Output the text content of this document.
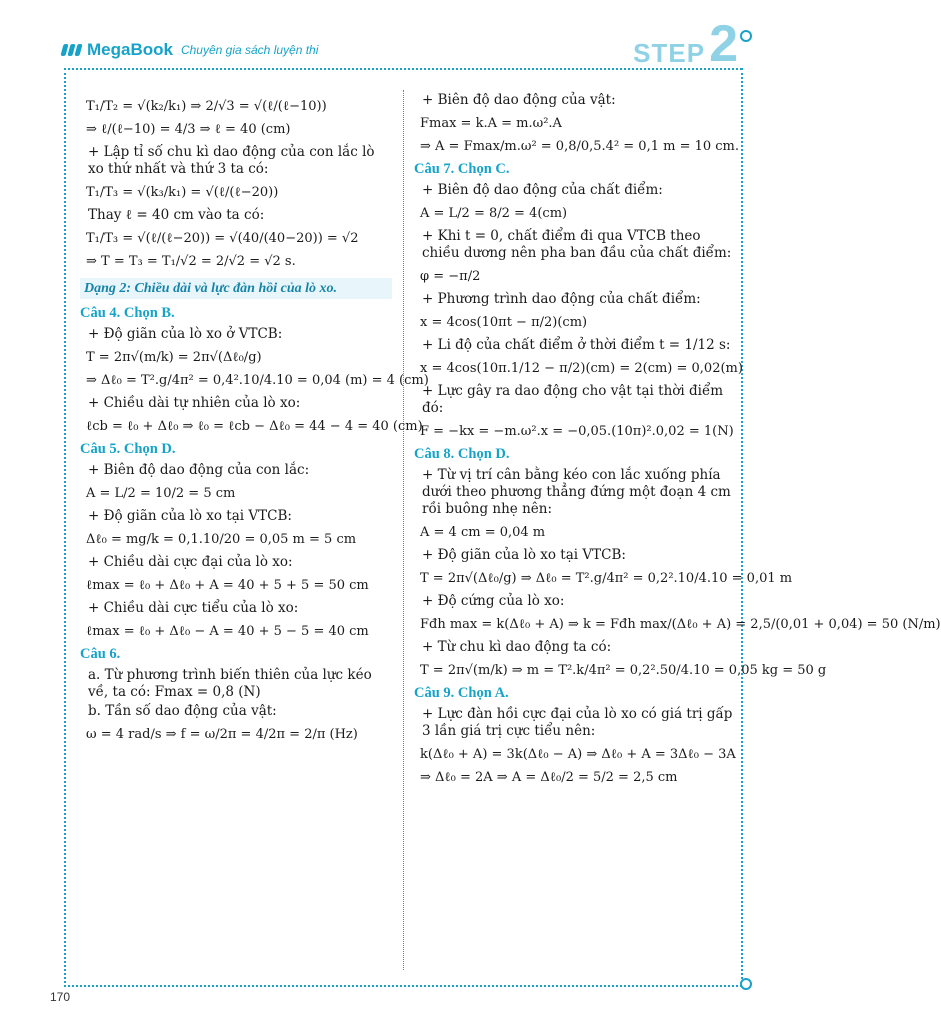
MegaBook Chuyên gia sách luyện thi	STEP 2
T₁/T₂ = √(k₂/k₁) ⇒ 2/√3 = √(ℓ/(ℓ−10))
⇒ ℓ/(ℓ−10) = 4/3 ⇒ ℓ = 40 (cm)
+ Lập tỉ số chu kì dao động của con lắc lò xo thứ nhất và thứ 3 ta có:
T₁/T₃ = √(k₃/k₁) = √(ℓ/(ℓ−20))
Thay ℓ = 40 cm vào ta có:
T₁/T₃ = √(ℓ/(ℓ−20)) = √(40/(40−20)) = √2
⇒ T = T₃ = T₁/√2 = 2/√2 = √2 s.
Dạng 2: Chiều dài và lực đàn hồi của lò xo.
Câu 4. Chọn B.
+ Độ giãn của lò xo ở VTCB:
T = 2π√(m/k) = 2π√(Δℓ₀/g)
⇒ Δℓ₀ = T².g/4π² = 0,4².10/4.10 = 0,04 (m) = 4 (cm)
+ Chiều dài tự nhiên của lò xo:
ℓcb = ℓ₀ + Δℓ₀ ⇒ ℓ₀ = ℓcb − Δℓ₀ = 44 − 4 = 40 (cm)
Câu 5. Chọn D.
+ Biên độ dao động của con lắc:
A = L/2 = 10/2 = 5 cm
+ Độ giãn của lò xo tại VTCB:
Δℓ₀ = mg/k = 0,1.10/20 = 0,05 m = 5 cm
+ Chiều dài cực đại của lò xo:
ℓmax = ℓ₀ + Δℓ₀ + A = 40 + 5 + 5 = 50 cm
+ Chiều dài cực tiểu của lò xo:
ℓmax = ℓ₀ + Δℓ₀ − A = 40 + 5 − 5 = 40 cm
Câu 6.
a. Từ phương trình biến thiên của lực kéo về, ta có: Fmax = 0,8 (N)
b. Tần số dao động của vật:
ω = 4 rad/s ⇒ f = ω/2π = 4/2π = 2/π (Hz)
+ Biên độ dao động của vật:
Fmax = k.A = m.ω².A
⇒ A = Fmax/m.ω² = 0,8/0,5.4² = 0,1 m = 10 cm.
Câu 7. Chọn C.
+ Biên độ dao động của chất điểm:
A = L/2 = 8/2 = 4(cm)
+ Khi t = 0, chất điểm đi qua VTCB theo chiều dương nên pha ban đầu của chất điểm:
φ = −π/2
+ Phương trình dao động của chất điểm:
x = 4cos(10πt − π/2)(cm)
+ Li độ của chất điểm ở thời điểm t = 1/12 s:
x = 4cos(10π.1/12 − π/2)(cm) = 2(cm) = 0,02(m)
+ Lực gây ra dao động cho vật tại thời điểm đó:
F = −kx = −m.ω².x = −0,05.(10π)².0,02 = 1(N)
Câu 8. Chọn D.
+ Từ vị trí cân bằng kéo con lắc xuống phía dưới theo phương thẳng đứng một đoạn 4 cm rồi buông nhẹ nên:
A = 4 cm = 0,04 m
+ Độ giãn của lò xo tại VTCB:
T = 2π√(Δℓ₀/g) ⇒ Δℓ₀ = T².g/4π² = 0,2².10/4.10 = 0,01 m
+ Độ cứng của lò xo:
Fđh max = k(Δℓ₀ + A) ⇒ k = Fđh max/(Δℓ₀ + A) = 2,5/(0,01 + 0,04) = 50 (N/m)
+ Từ chu kì dao động ta có:
T = 2π√(m/k) ⇒ m = T².k/4π² = 0,2².50/4.10 = 0,05 kg = 50 g
Câu 9. Chọn A.
+ Lực đàn hồi cực đại của lò xo có giá trị gấp 3 lần giá trị cực tiểu nên:
k(Δℓ₀ + A) = 3k(Δℓ₀ − A) ⇒ Δℓ₀ + A = 3Δℓ₀ − 3A
⇒ Δℓ₀ = 2A ⇒ A = Δℓ₀/2 = 5/2 = 2,5 cm
170
